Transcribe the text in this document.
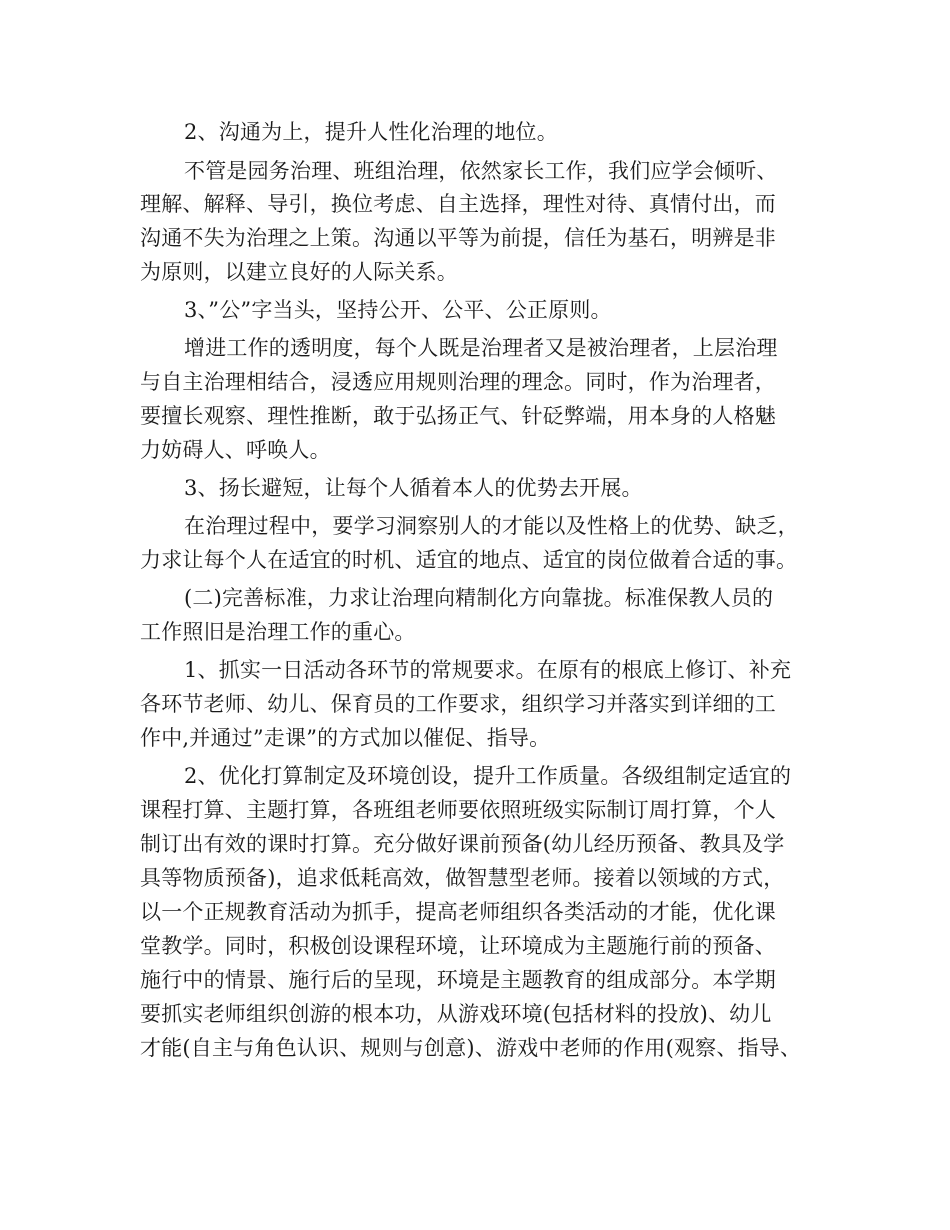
2、沟通为上，提升人性化治理的地位。
不管是园务治理、班组治理，依然家长工作，我们应学会倾听、
理解、解释、导引，换位考虑、自主选择，理性对待、真情付出，而
沟通不失为治理之上策。沟通以平等为前提，信任为基石，明辨是非
为原则，以建立良好的人际关系。
3、”公”字当头，坚持公开、公平、公正原则。
增进工作的透明度，每个人既是治理者又是被治理者，上层治理
与自主治理相结合，浸透应用规则治理的理念。同时，作为治理者，
要擅长观察、理性推断，敢于弘扬正气、针砭弊端，用本身的人格魅
力妨碍人、呼唤人。
3、扬长避短，让每个人循着本人的优势去开展。
在治理过程中，要学习洞察别人的才能以及性格上的优势、缺乏，
力求让每个人在适宜的时机、适宜的地点、适宜的岗位做着合适的事。
(二)完善标准，力求让治理向精制化方向靠拢。标准保教人员的
工作照旧是治理工作的重心。
1、抓实一日活动各环节的常规要求。在原有的根底上修订、补充
各环节老师、幼儿、保育员的工作要求，组织学习并落实到详细的工
作中,并通过”走课”的方式加以催促、指导。
2、优化打算制定及环境创设，提升工作质量。各级组制定适宜的
课程打算、主题打算，各班组老师要依照班级实际制订周打算，个人
制订出有效的课时打算。充分做好课前预备(幼儿经历预备、教具及学
具等物质预备)，追求低耗高效，做智慧型老师。接着以领域的方式，
以一个正规教育活动为抓手，提高老师组织各类活动的才能，优化课
堂教学。同时，积极创设课程环境，让环境成为主题施行前的预备、
施行中的情景、施行后的呈现，环境是主题教育的组成部分。本学期
要抓实老师组织创游的根本功，从游戏环境(包括材料的投放)、幼儿
才能(自主与角色认识、规则与创意)、游戏中老师的作用(观察、指导、
